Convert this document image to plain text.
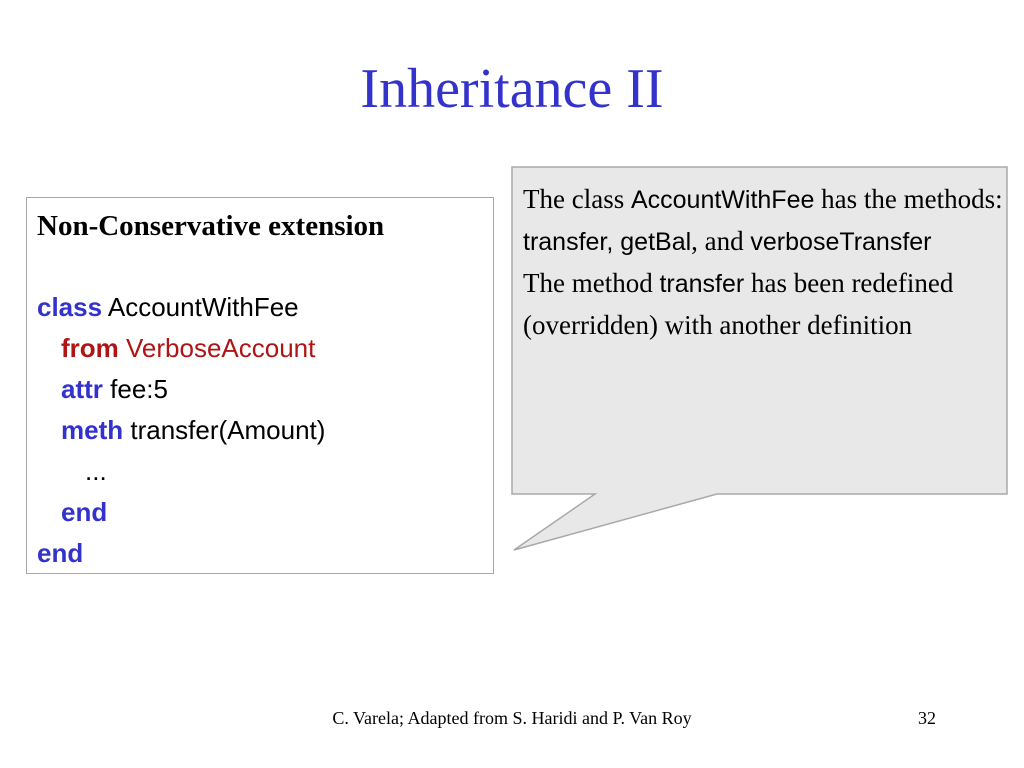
Inheritance II
Non-Conservative extension
class AccountWithFee
from VerboseAccount
attr fee:5
meth transfer(Amount)
...
end
end
The class AccountWithFee has the methods:
transfer, getBal, and verboseTransfer
The method transfer has been redefined (overridden) with another definition
C. Varela; Adapted from S. Haridi and P. Van Roy	32
